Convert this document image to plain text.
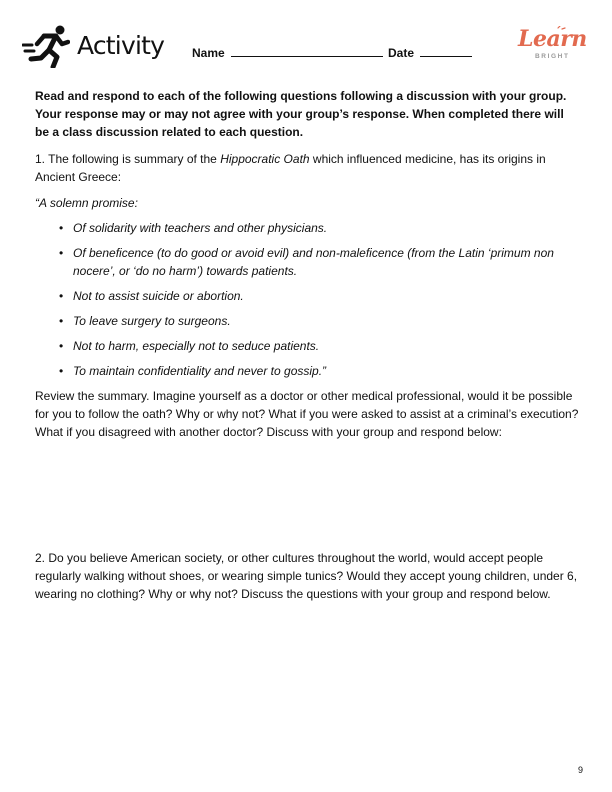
Activity Name	Date
Learn
BRIGHT

Read and respond to each of the following questions following a discussion with your group. Your response may or may not agree with your group’s response. When completed there will be a class discussion related to each question.

1. The following is summary of the Hippocratic Oath which influenced medicine, has its origins in Ancient Greece:

“A solemn promise:

• Of solidarity with teachers and other physicians.
• Of beneficence (to do good or avoid evil) and non-maleficence (from the Latin ‘primum non nocere’, or ‘do no harm’) towards patients.
• Not to assist suicide or abortion.
• To leave surgery to surgeons.
• Not to harm, especially not to seduce patients.
• To maintain confidentiality and never to gossip.”

Review the summary. Imagine yourself as a doctor or other medical professional, would it be possible for you to follow the oath? Why or why not? What if you were asked to assist at a criminal’s execution? What if you disagreed with another doctor? Discuss with your group and respond below:

2. Do you believe American society, or other cultures throughout the world, would accept people regularly walking without shoes, or wearing simple tunics? Would they accept young children, under 6, wearing no clothing? Why or why not? Discuss the questions with your group and respond below.

9
